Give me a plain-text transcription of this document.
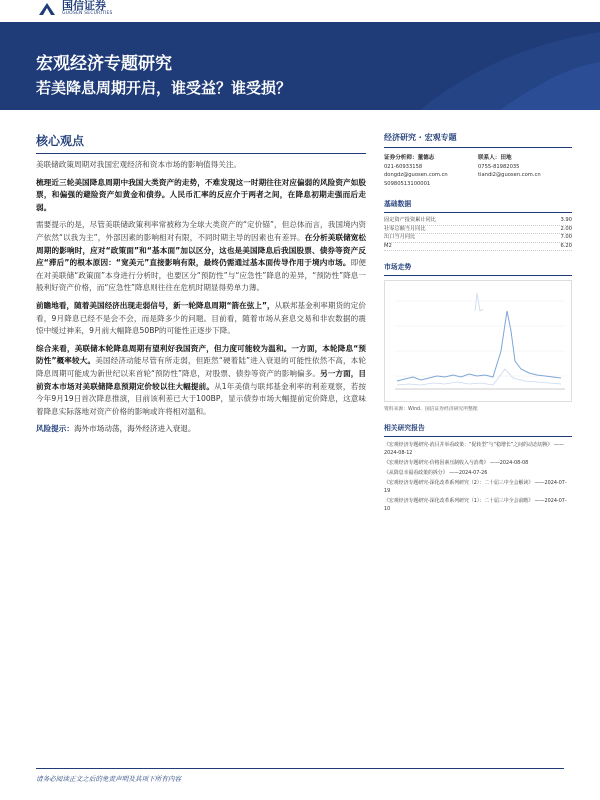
国信证券
GUOSEN SECURITIES
宏观经济专题研究
若美降息周期开启，谁受益？谁受损？
核心观点

美联储政策周期对我国宏观经济和资本市场的影响值得关注。

梳理近三轮美国降息周期中我国大类资产的走势，不难发现这一时期往往对应偏弱的风险资产如股票，和偏强的避险资产如黄金和债券。人民币汇率的反应介于两者之间，在降息初期走强而后走弱。

需要提示的是，尽管美联储政策利率常被称为全球大类资产的“定价锚”，但总体而言，我国境内资产依然“以我为主”，外部因素的影响相对有限，不同时期主导的因素也有差异。在分析美联储宽松周期的影响时，应对“政策面”和“基本面”加以区分，这也是美国降息后我国股票、债券等资产反应“滞后”的根本原因：“宽美元”直接影响有限，最终仍需通过基本面传导作用于境内市场。即便在对美联储“政策面”本身进行分析时，也要区分“预防性”与“应急性”降息的差异，“预防性”降息一般利好资产价格，而“应急性”降息则往往在危机时期显得势单力薄。

前瞻地看，随着美国经济出现走弱信号，新一轮降息周期“箭在弦上”，从联邦基金利率期货的定价看，9月降息已经不是会不会，而是降多少的问题。目前看，随着市场从套息交易和非农数据的震惊中缓过神来，9月前大幅降息50BP的可能性正逐步下降。

综合来看，美联储本轮降息周期有望利好我国资产，但力度可能较为温和。一方面，本轮降息“预防性”概率较大。美国经济动能尽管有所走弱，但距然“硬着陆”进入衰退的可能性依然不高，本轮降息周期可能成为新世纪以来首轮“预防性”降息，对股票、债券等资产的影响偏多。另一方面，目前资本市场对美联储降息预期定价较以往大幅提前。从1年美债与联邦基金利率的利差观察，若按今年9月19日首次降息推演，目前该利差已大于100BP，显示债券市场大幅提前定价降息，这意味着降息实际落地对资产价格的影响或许将相对温和。

风险提示：海外市场动荡，海外经济进入衰退。

经济研究 · 宏观专题
证券分析师：董德志
021-60933158
dongdz@guosen.com.cn
S0980513100001
联系人：田地
0755-81982035
tiandi2@guosen.com.cn
基础数据
固定资产投资累计同比	3.90
社零总额当月同比	2.00
出口当月同比	7.00
M2	6.20
市场走势
资料来源：Wind、国信证券经济研究所整理
相关研究报告
《宏观经济专题研究-消目并举看政策：“促转型”与“稳增长”之间的动态切换》 ——2024-08-12
《宏观经济专题研究-价格因素压制收入与消费》 ——2024-08-08
《从降息幸福看政策的拆分》 ——2024-07-26
《宏观经济专题研究-深化改革系列研究（2）：二十届三中全会解读》 ——2024-07-19
《宏观经济专题研究-深化改革系列研究（1）：二十届三中全会前瞻》 ——2024-07-10
请务必阅读正文之后的免责声明及其项下所有内容
